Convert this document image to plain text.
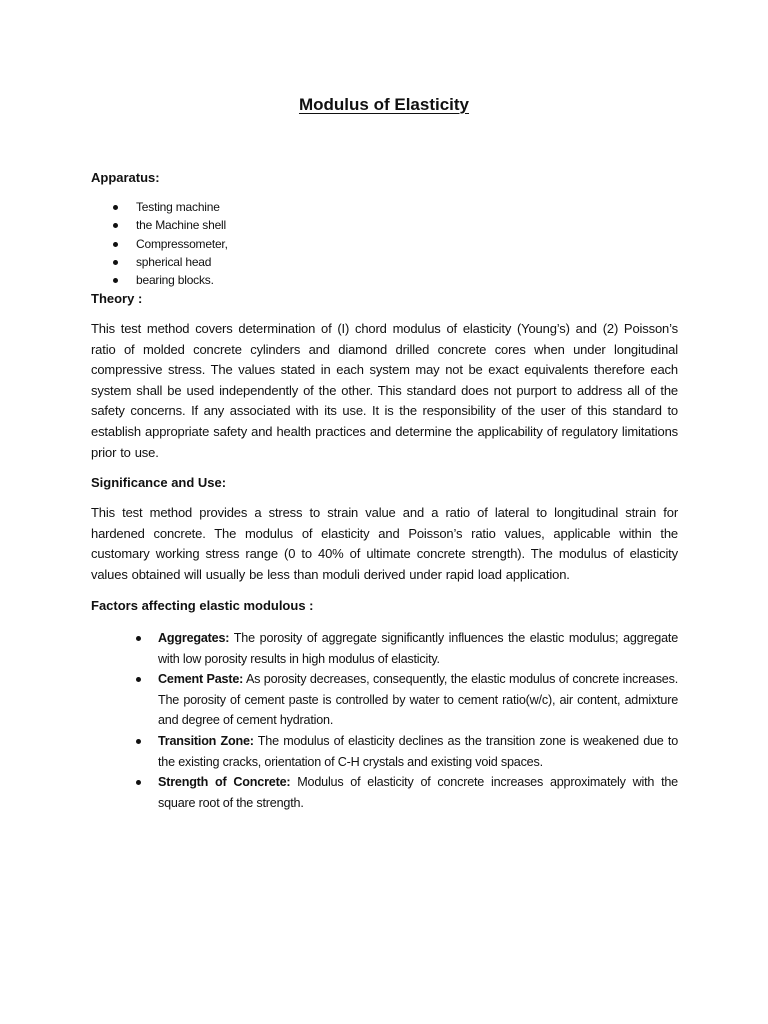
Modulus of Elasticity
Apparatus:
Testing machine
the Machine shell
Compressometer,
spherical head
bearing blocks.
Theory :

This test method covers determination of (I) chord modulus of elasticity (Young’s) and (2) Poisson’s ratio of molded concrete cylinders and diamond drilled concrete cores when under longitudinal compressive stress. The values stated in each system may not be exact equivalents therefore each system shall be used independently of the other. This standard does not purport to address all of the safety concerns. If any associated with its use. It is the responsibility of the user of this standard to establish appropriate safety and health practices and determine the applicability of regulatory limitations prior to use.

Significance and Use:

This test method provides a stress to strain value and a ratio of lateral to longitudinal strain for hardened concrete. The modulus of elasticity and Poisson’s ratio values, applicable within the customary working stress range (0 to 40% of ultimate concrete strength). The modulus of elasticity values obtained will usually be less than moduli derived under rapid load application.

Factors affecting elastic modulous :
Aggregates: The porosity of aggregate significantly influences the elastic modulus; aggregate with low porosity results in high modulus of elasticity.
Cement Paste: As porosity decreases, consequently, the elastic modulus of concrete increases. The porosity of cement paste is controlled by water to cement ratio(w/c), air content, admixture and degree of cement hydration.
Transition Zone: The modulus of elasticity declines as the transition zone is weakened due to the existing cracks, orientation of C-H crystals and existing void spaces.
Strength of Concrete: Modulus of elasticity of concrete increases approximately with the square root of the strength.
